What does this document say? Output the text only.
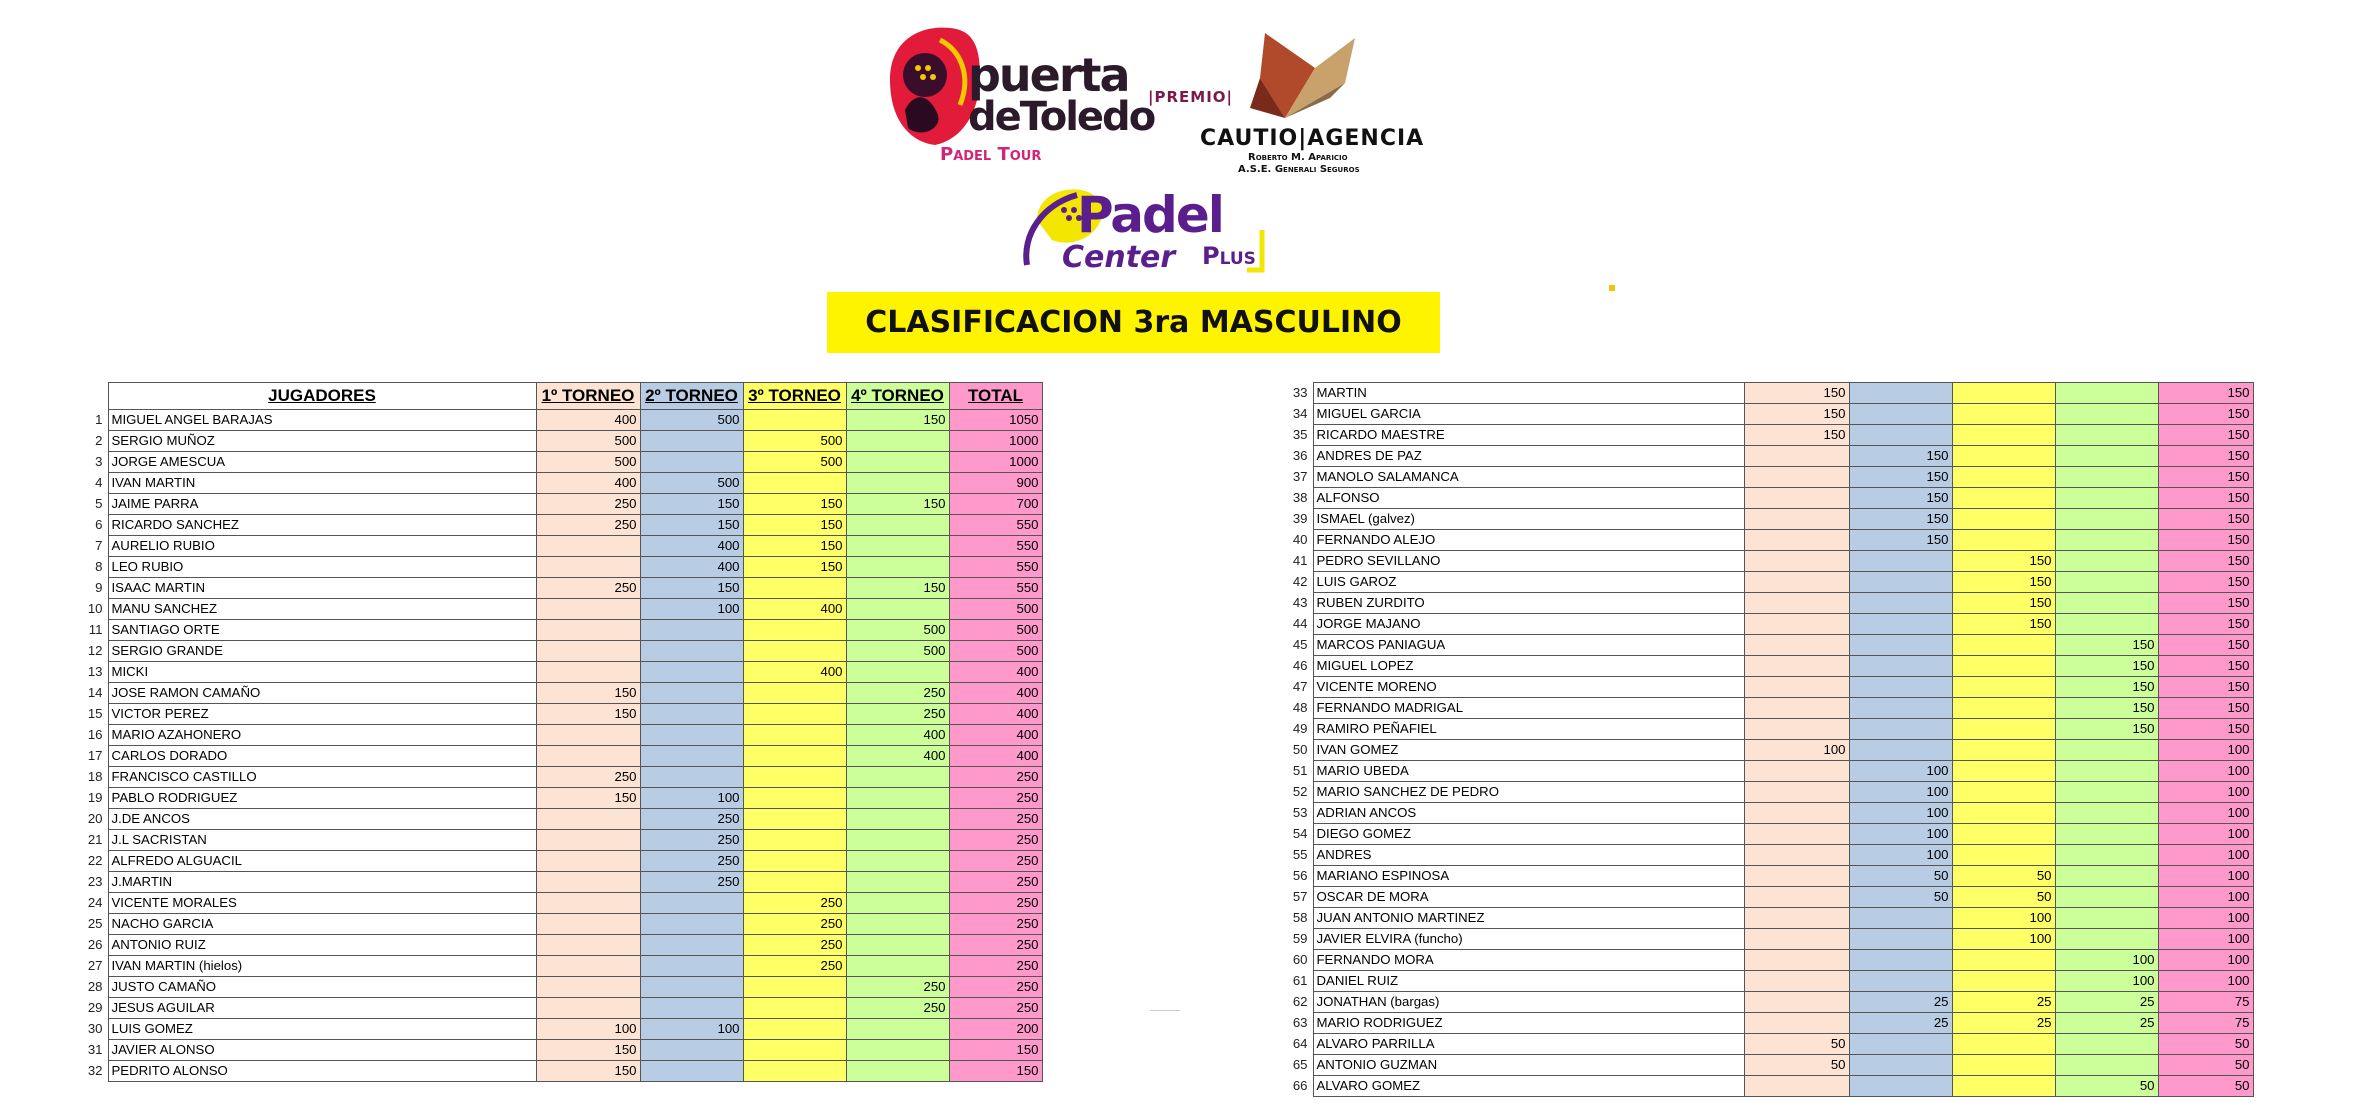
puerta
deToledo
Padel Tour
|PREMIO|
CAUTIO|AGENCIA
Roberto M. Aparicio
A.S.E. Generali Seguros
Padel
Center Plus
CLASIFICACION 3ra MASCULINO
	JUGADORES	1º TORNEO	2º TORNEO	3º TORNEO	4º TORNEO	TOTAL
1	MIGUEL ANGEL BARAJAS	400	500		150	1050
2	SERGIO MUÑOZ	500		500		1000
3	JORGE AMESCUA	500		500		1000
4	IVAN MARTIN	400	500			900
5	JAIME PARRA	250	150	150	150	700
6	RICARDO SANCHEZ	250	150	150		550
7	AURELIO RUBIO		400	150		550
8	LEO RUBIO		400	150		550
9	ISAAC MARTIN	250	150		150	550
10	MANU SANCHEZ		100	400		500
11	SANTIAGO ORTE				500	500
12	SERGIO GRANDE				500	500
13	MICKI			400		400
14	JOSE RAMON CAMAÑO	150			250	400
15	VICTOR PEREZ	150			250	400
16	MARIO AZAHONERO				400	400
17	CARLOS DORADO				400	400
18	FRANCISCO CASTILLO	250				250
19	PABLO RODRIGUEZ	150	100			250
20	J.DE ANCOS		250			250
21	J.L SACRISTAN		250			250
22	ALFREDO ALGUACIL		250			250
23	J.MARTIN		250			250
24	VICENTE MORALES			250		250
25	NACHO GARCIA			250		250
26	ANTONIO RUIZ			250		250
27	IVAN MARTIN (hielos)			250		250
28	JUSTO CAMAÑO				250	250
29	JESUS AGUILAR				250	250
30	LUIS GOMEZ	100	100			200
31	JAVIER ALONSO	150				150
32	PEDRITO ALONSO	150				150
33	MARTIN	150				150
34	MIGUEL GARCIA	150				150
35	RICARDO MAESTRE	150				150
36	ANDRES DE PAZ		150			150
37	MANOLO SALAMANCA		150			150
38	ALFONSO		150			150
39	ISMAEL (galvez)		150			150
40	FERNANDO ALEJO		150			150
41	PEDRO SEVILLANO			150		150
42	LUIS GAROZ			150		150
43	RUBEN ZURDITO			150		150
44	JORGE MAJANO			150		150
45	MARCOS PANIAGUA				150	150
46	MIGUEL LOPEZ				150	150
47	VICENTE MORENO				150	150
48	FERNANDO MADRIGAL				150	150
49	RAMIRO PEÑAFIEL				150	150
50	IVAN GOMEZ	100				100
51	MARIO UBEDA		100			100
52	MARIO SANCHEZ DE PEDRO		100			100
53	ADRIAN ANCOS		100			100
54	DIEGO GOMEZ		100			100
55	ANDRES		100			100
56	MARIANO ESPINOSA		50	50		100
57	OSCAR DE MORA		50	50		100
58	JUAN ANTONIO MARTINEZ			100		100
59	JAVIER ELVIRA (funcho)			100		100
60	FERNANDO MORA				100	100
61	DANIEL RUIZ				100	100
62	JONATHAN (bargas)		25	25	25	75
63	MARIO RODRIGUEZ		25	25	25	75
64	ALVARO PARRILLA	50				50
65	ANTONIO GUZMAN	50				50
66	ALVARO GOMEZ				50	50
